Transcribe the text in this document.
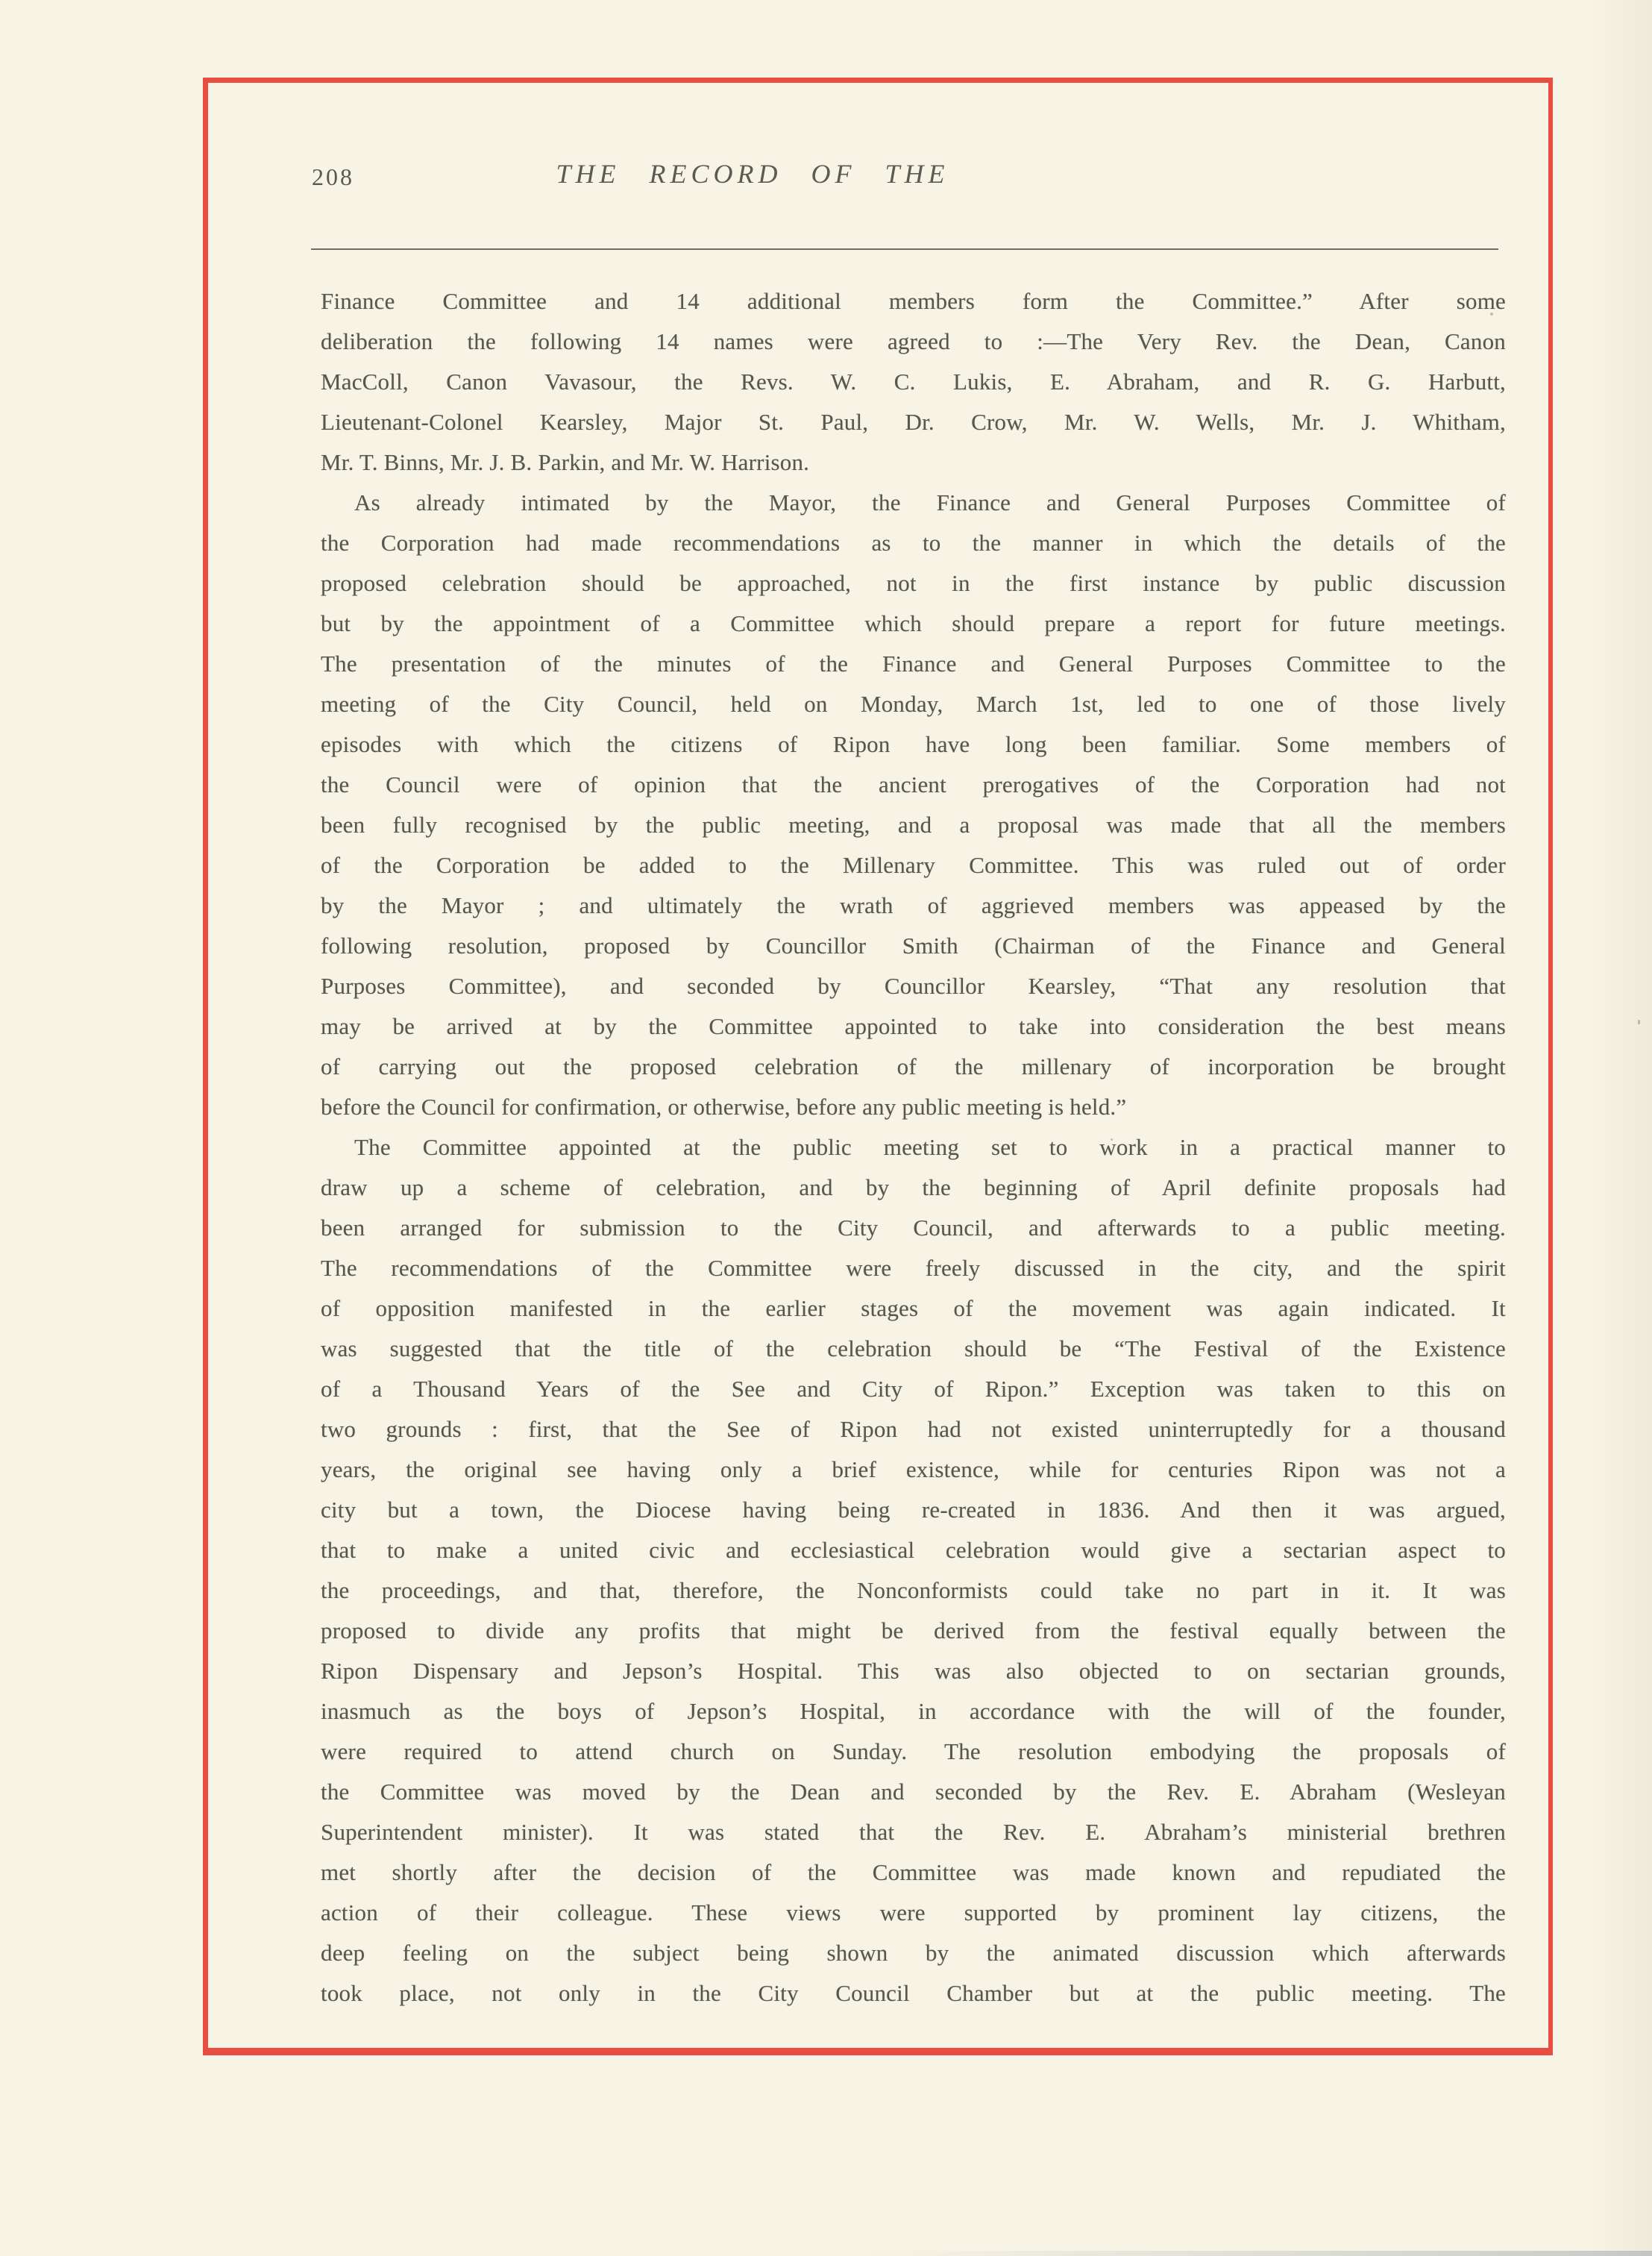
208	THE RECORD OF THE
Finance Committee and 14 additional members form the Committee.” After some
deliberation the following 14 names were agreed to :—The Very Rev. the Dean, Canon
MacColl, Canon Vavasour, the Revs. W. C. Lukis, E. Abraham, and R. G. Harbutt,
Lieutenant-Colonel Kearsley, Major St. Paul, Dr. Crow, Mr. W. Wells, Mr. J. Whitham,
Mr. T. Binns, Mr. J. B. Parkin, and Mr. W. Harrison.
As already intimated by the Mayor, the Finance and General Purposes Committee of
the Corporation had made recommendations as to the manner in which the details of the
proposed celebration should be approached, not in the first instance by public discussion
but by the appointment of a Committee which should prepare a report for future meetings.
The presentation of the minutes of the Finance and General Purposes Committee to the
meeting of the City Council, held on Monday, March 1st, led to one of those lively
episodes with which the citizens of Ripon have long been familiar. Some members of
the Council were of opinion that the ancient prerogatives of the Corporation had not
been fully recognised by the public meeting, and a proposal was made that all the members
of the Corporation be added to the Millenary Committee. This was ruled out of order
by the Mayor ; and ultimately the wrath of aggrieved members was appeased by the
following resolution, proposed by Councillor Smith (Chairman of the Finance and General
Purposes Committee), and seconded by Councillor Kearsley, “That any resolution that
may be arrived at by the Committee appointed to take into consideration the best means
of carrying out the proposed celebration of the millenary of incorporation be brought
before the Council for confirmation, or otherwise, before any public meeting is held.”
The Committee appointed at the public meeting set to work in a practical manner to
draw up a scheme of celebration, and by the beginning of April definite proposals had
been arranged for submission to the City Council, and afterwards to a public meeting.
The recommendations of the Committee were freely discussed in the city, and the spirit
of opposition manifested in the earlier stages of the movement was again indicated. It
was suggested that the title of the celebration should be “The Festival of the Existence
of a Thousand Years of the See and City of Ripon.” Exception was taken to this on
two grounds : first, that the See of Ripon had not existed uninterruptedly for a thousand
years, the original see having only a brief existence, while for centuries Ripon was not a
city but a town, the Diocese having being re-created in 1836. And then it was argued,
that to make a united civic and ecclesiastical celebration would give a sectarian aspect to
the proceedings, and that, therefore, the Nonconformists could take no part in it. It was
proposed to divide any profits that might be derived from the festival equally between the
Ripon Dispensary and Jepson’s Hospital. This was also objected to on sectarian grounds,
inasmuch as the boys of Jepson’s Hospital, in accordance with the will of the founder,
were required to attend church on Sunday. The resolution embodying the proposals of
the Committee was moved by the Dean and seconded by the Rev. E. Abraham (Wesleyan
Superintendent minister). It was stated that the Rev. E. Abraham’s ministerial brethren
met shortly after the decision of the Committee was made known and repudiated the
action of their colleague. These views were supported by prominent lay citizens, the
deep feeling on the subject being shown by the animated discussion which afterwards
took place, not only in the City Council Chamber but at the public meeting. The
